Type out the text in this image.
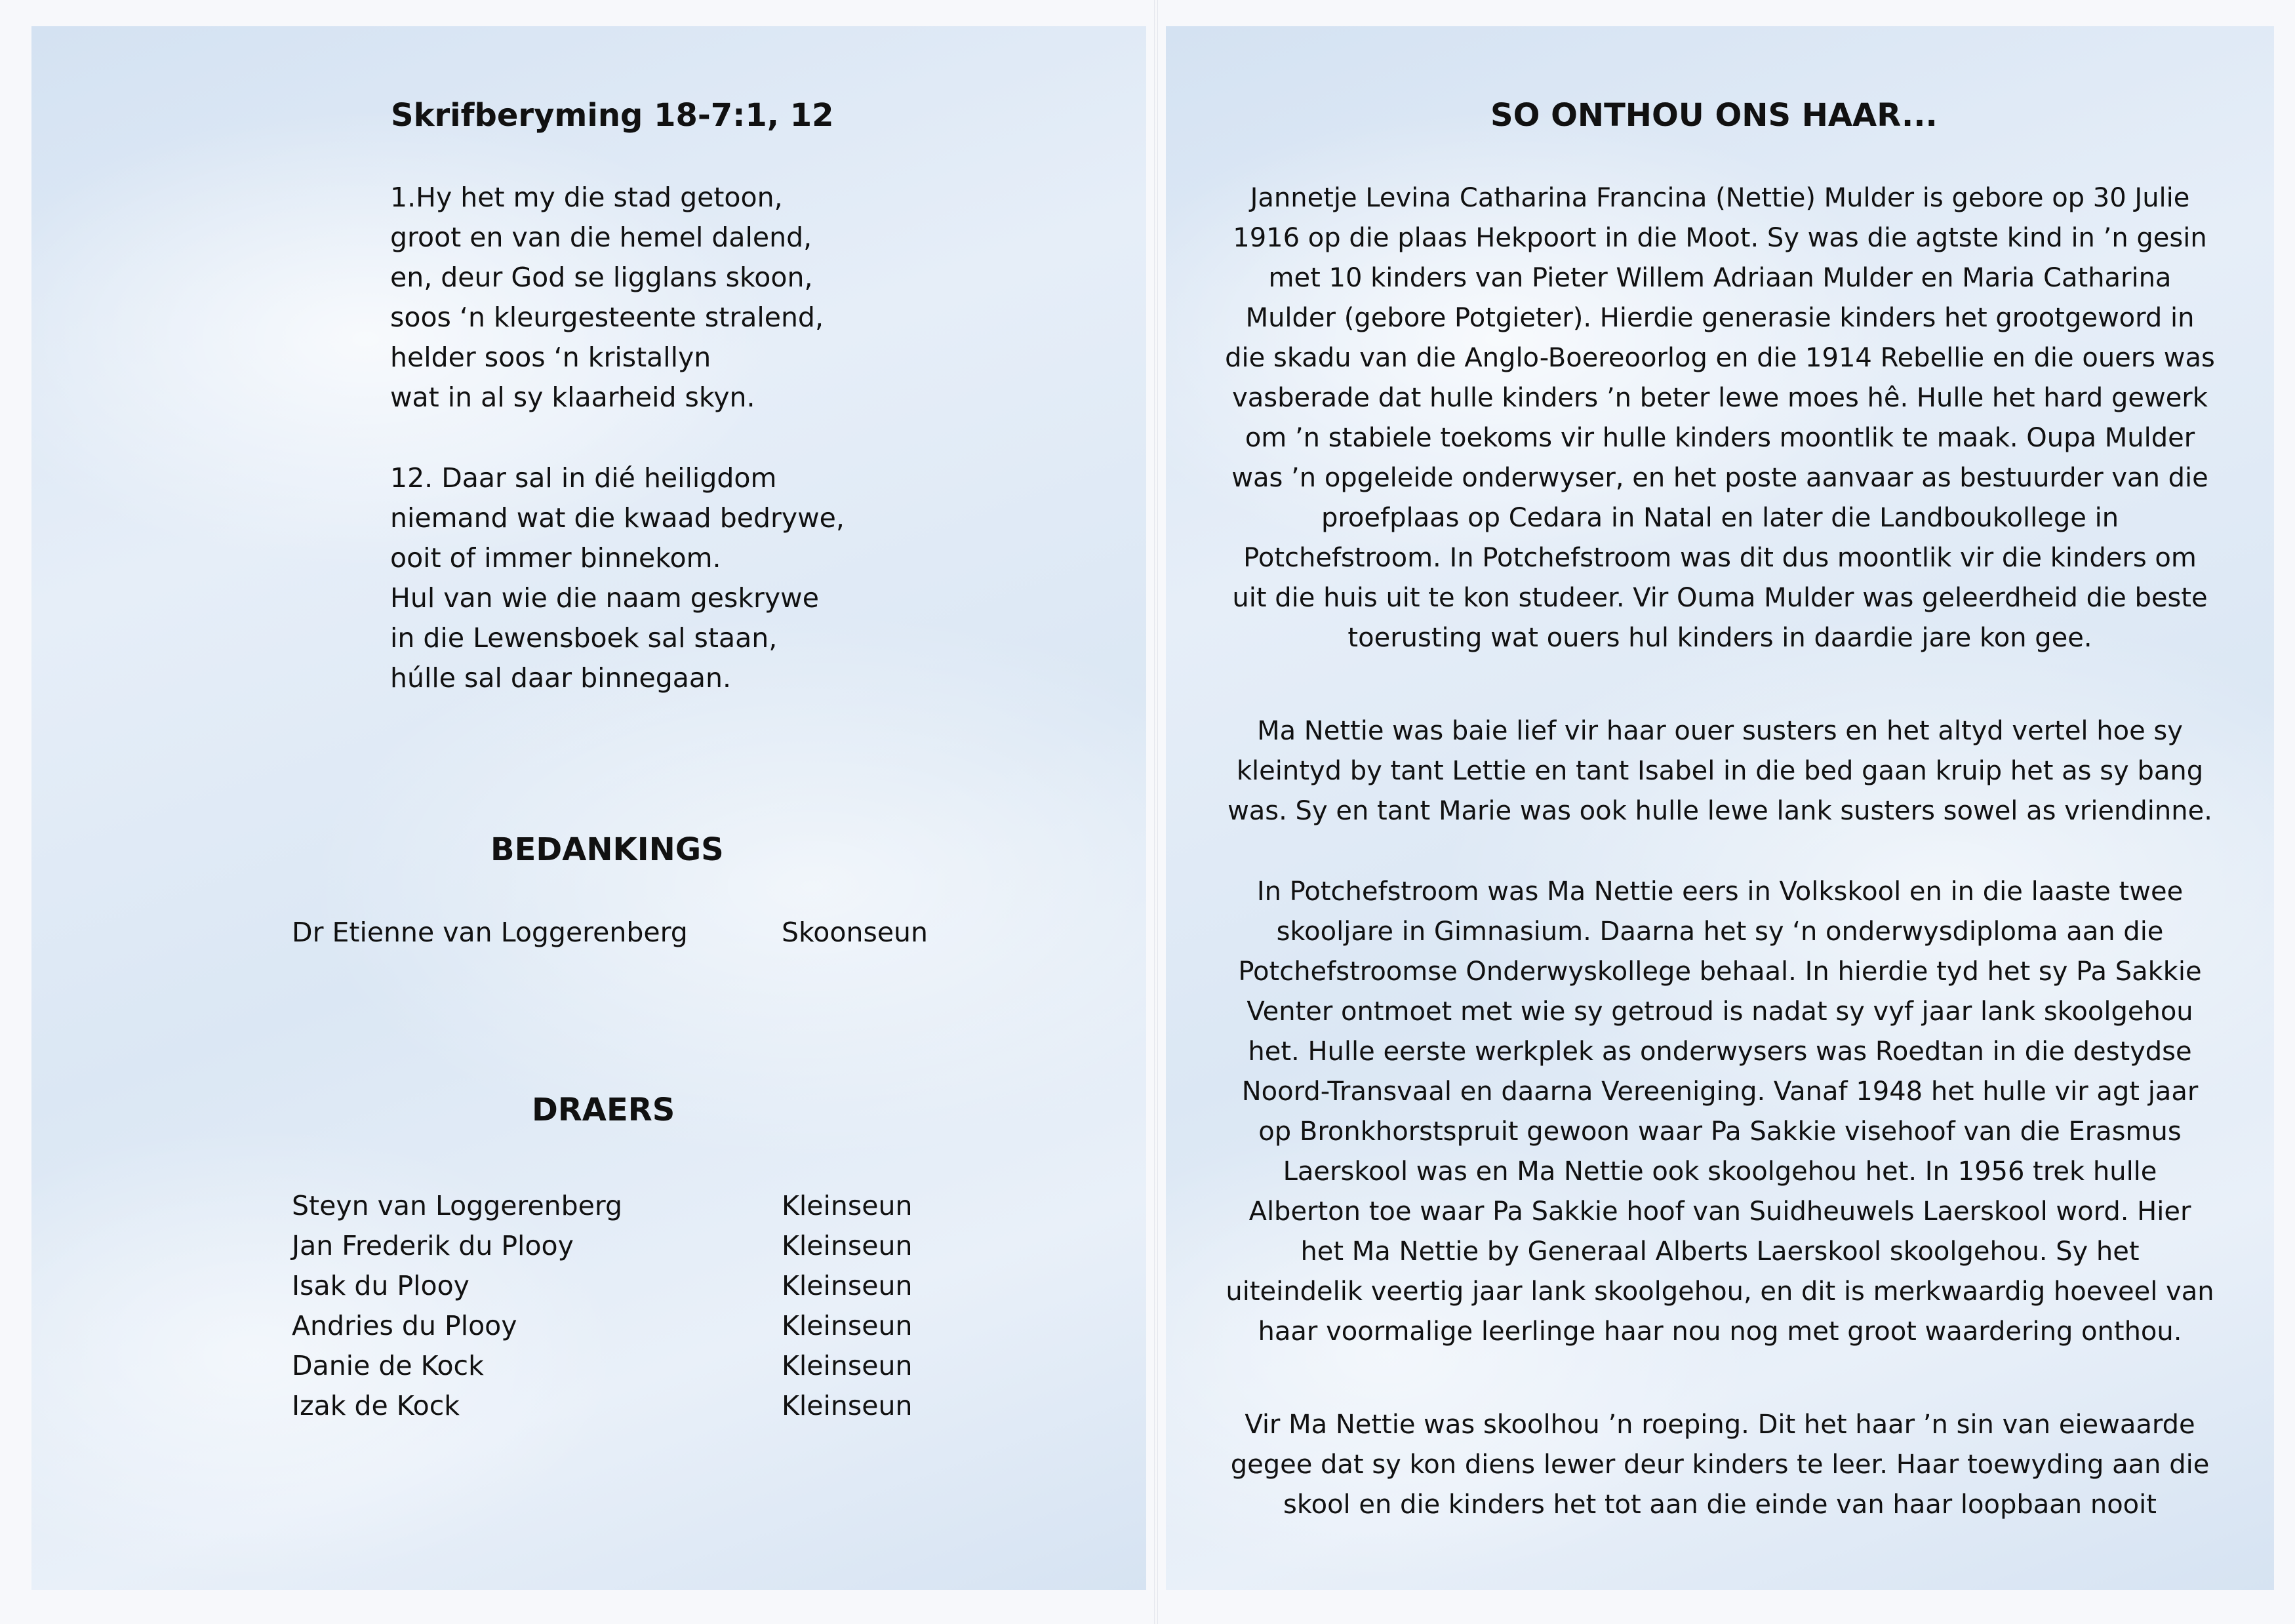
Skrifberyming 18-7:1, 12
1.Hy het my die stad getoon,
groot en van die hemel dalend,
en, deur God se ligglans skoon,
soos ‘n kleurgesteente stralend,
helder soos ‘n kristallyn
wat in al sy klaarheid skyn.
12. Daar sal in dié heiligdom
niemand wat die kwaad bedrywe,
ooit of immer binnekom.
Hul van wie die naam geskrywe
in die Lewensboek sal staan,
húlle sal daar binnegaan.
BEDANKINGS
Dr Etienne van Loggerenberg	Skoonseun
DRAERS
Steyn van Loggerenberg	Kleinseun
Jan Frederik du Plooy	Kleinseun
Isak du Plooy	Kleinseun
Andries du Plooy	Kleinseun
Danie de Kock	Kleinseun
Izak de Kock	Kleinseun
SO ONTHOU ONS HAAR...

Jannetje Levina Catharina Francina (Nettie) Mulder is gebore op 30 Julie
1916 op die plaas Hekpoort in die Moot. Sy was die agtste kind in ’n gesin
met 10 kinders van Pieter Willem Adriaan Mulder en Maria Catharina
Mulder (gebore Potgieter). Hierdie generasie kinders het grootgeword in
die skadu van die Anglo-Boereoorlog en die 1914 Rebellie en die ouers was
vasberade dat hulle kinders ’n beter lewe moes hê. Hulle het hard gewerk
om ’n stabiele toekoms vir hulle kinders moontlik te maak. Oupa Mulder
was ’n opgeleide onderwyser, en het poste aanvaar as bestuurder van die
proefplaas op Cedara in Natal en later die Landboukollege in
Potchefstroom. In Potchefstroom was dit dus moontlik vir die kinders om
uit die huis uit te kon studeer. Vir Ouma Mulder was geleerdheid die beste
toerusting wat ouers hul kinders in daardie jare kon gee.

Ma Nettie was baie lief vir haar ouer susters en het altyd vertel hoe sy
kleintyd by tant Lettie en tant Isabel in die bed gaan kruip het as sy bang
was. Sy en tant Marie was ook hulle lewe lank susters sowel as vriendinne.

In Potchefstroom was Ma Nettie eers in Volkskool en in die laaste twee
skooljare in Gimnasium. Daarna het sy ‘n onderwysdiploma aan die
Potchefstroomse Onderwyskollege behaal. In hierdie tyd het sy Pa Sakkie
Venter ontmoet met wie sy getroud is nadat sy vyf jaar lank skoolgehou
het. Hulle eerste werkplek as onderwysers was Roedtan in die destydse
Noord-Transvaal en daarna Vereeniging. Vanaf 1948 het hulle vir agt jaar
op Bronkhorstspruit gewoon waar Pa Sakkie visehoof van die Erasmus
Laerskool was en Ma Nettie ook skoolgehou het. In 1956 trek hulle
Alberton toe waar Pa Sakkie hoof van Suidheuwels Laerskool word. Hier
het Ma Nettie by Generaal Alberts Laerskool skoolgehou. Sy het
uiteindelik veertig jaar lank skoolgehou, en dit is merkwaardig hoeveel van
haar voormalige leerlinge haar nou nog met groot waardering onthou.

Vir Ma Nettie was skoolhou ’n roeping. Dit het haar ’n sin van eiewaarde
gegee dat sy kon diens lewer deur kinders te leer. Haar toewyding aan die
skool en die kinders het tot aan die einde van haar loopbaan nooit
